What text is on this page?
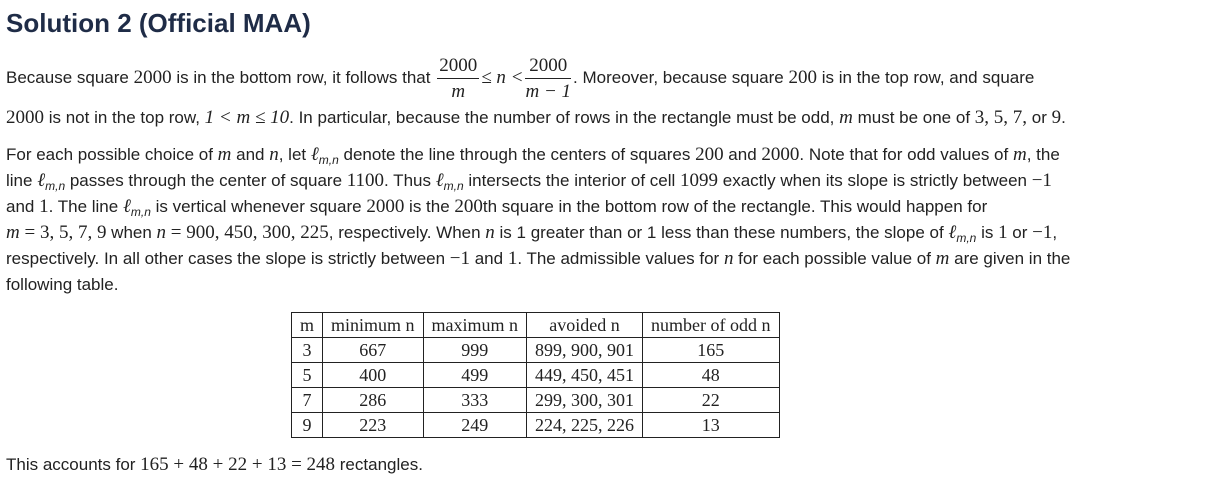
Solution 2 (Official MAA)

Because square 2000 is in the bottom row, it follows that $\frac{2000}{m} \le n < \frac{2000}{m - 1}$ . Moreover, because square 200 is in the top row, and square

2000 is not in the top row, 1 < m ≤ 10. In particular, because the number of rows in the rectangle must be odd, m must be one of 3, 5, 7, or 9.

For each possible choice of m and n, let ℓ$_{m,n}$ denote the line through the centers of squares 200 and 2000. Note that for odd values of m, the

line ℓ$_{m,n}$ passes through the center of square 1100. Thus ℓ$_{m,n}$ intersects the interior of cell 1099 exactly when its slope is strictly between −1

and 1. The line ℓ$_{m,n}$ is vertical whenever square 2000 is the 200th square in the bottom row of the rectangle. This would happen for

m = 3, 5, 7, 9 when n = 900, 450, 300, 225, respectively. When n is 1 greater than or 1 less than these numbers, the slope of ℓ$_{m,n}$ is 1 or −1,

respectively. In all other cases the slope is strictly between −1 and 1. The admissible values for n for each possible value of m are given in the

following table.

m	minimum n	maximum n	avoided n	number of odd n
3	667	999	899, 900, 901	165
5	400	499	449, 450, 451	48
7	286	333	299, 300, 301	22
9	223	249	224, 225, 226	13

This accounts for 165 + 48 + 22 + 13 = 248 rectangles.
